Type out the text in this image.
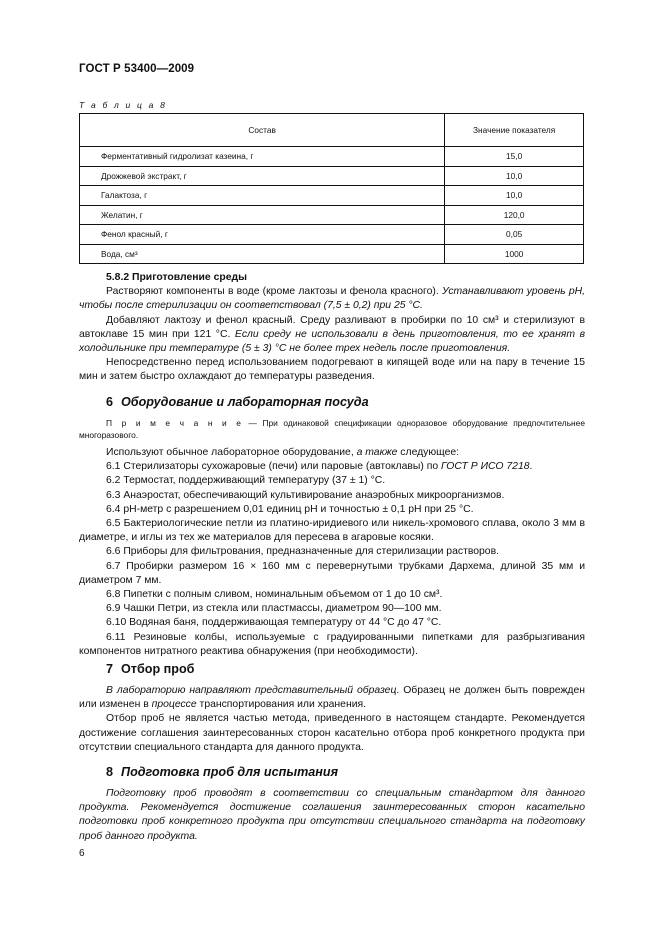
ГОСТ Р 53400—2009
Т а б л и ц а 8
Состав	Значение показателя
Ферментативный гидролизат казеина, г	15,0
Дрожжевой экстракт, г	10,0
Галактоза, г	10,0
Желатин, г	120,0
Фенол красный, г	0,05
Вода, см³	1000

5.8.2 Приготовление среды

Растворяют компоненты в воде (кроме лактозы и фенола красного). Устанавливают уровень рН, чтобы после стерилизации он соответствовал (7,5 ± 0,2) при 25 °С.

Добавляют лактозу и фенол красный. Среду разливают в пробирки по 10 см³ и стерилизуют в автоклаве 15 мин при 121 °С. Если среду не использовали в день приготовления, то ее хранят в холодильнике при температуре (5 ± 3) °С не более трех недель после приготовления.

Непосредственно перед использованием подогревают в кипящей воде или на пару в течение 15 мин и затем быстро охлаждают до температуры разведения.

6 Оборудование и лабораторная посуда
П р и м е ч а н и е — При одинаковой спецификации одноразовое оборудование предпочтительнее многоразового.

Используют обычное лабораторное оборудование, а также следующее:

6.1 Стерилизаторы сухожаровые (печи) или паровые (автоклавы) по ГОСТ Р ИСО 7218.

6.2 Термостат, поддерживающий температуру (37 ± 1) °С.

6.3 Анаэростат, обеспечивающий культивирование анаэробных микроорганизмов.

6.4 рН-метр с разрешением 0,01 единиц рН и точностью ± 0,1 рН при 25 °С.

6.5 Бактериологические петли из платино-иридиевого или никель-хромового сплава, около 3 мм в диаметре, и иглы из тех же материалов для пересева в агаровые косяки.

6.6 Приборы для фильтрования, предназначенные для стерилизации растворов.

6.7 Пробирки размером 16 × 160 мм с перевернутыми трубками Дархема, длиной 35 мм и диаметром 7 мм.

6.8 Пипетки с полным сливом, номинальным объемом от 1 до 10 см³.

6.9 Чашки Петри, из стекла или пластмассы, диаметром 90—100 мм.

6.10 Водяная баня, поддерживающая температуру от 44 °С до 47 °С.

6.11 Резиновые колбы, используемые с градуированными пипетками для разбрызгивания компонентов нитратного реактива обнаружения (при необходимости).

7 Отбор проб

В лабораторию направляют представительный образец. Образец не должен быть поврежден или изменен в процессе транспортирования или хранения.

Отбор проб не является частью метода, приведенного в настоящем стандарте. Рекомендуется достижение соглашения заинтересованных сторон касательно отбора проб конкретного продукта при отсутствии специального стандарта для данного продукта.

8 Подготовка проб для испытания

Подготовку проб проводят в соответствии со специальным стандартом для данного продукта. Рекомендуется достижение соглашения заинтересованных сторон касательно подготовки проб конкретного продукта при отсутствии специального стандарта на подготовку проб данного продукта.

6
